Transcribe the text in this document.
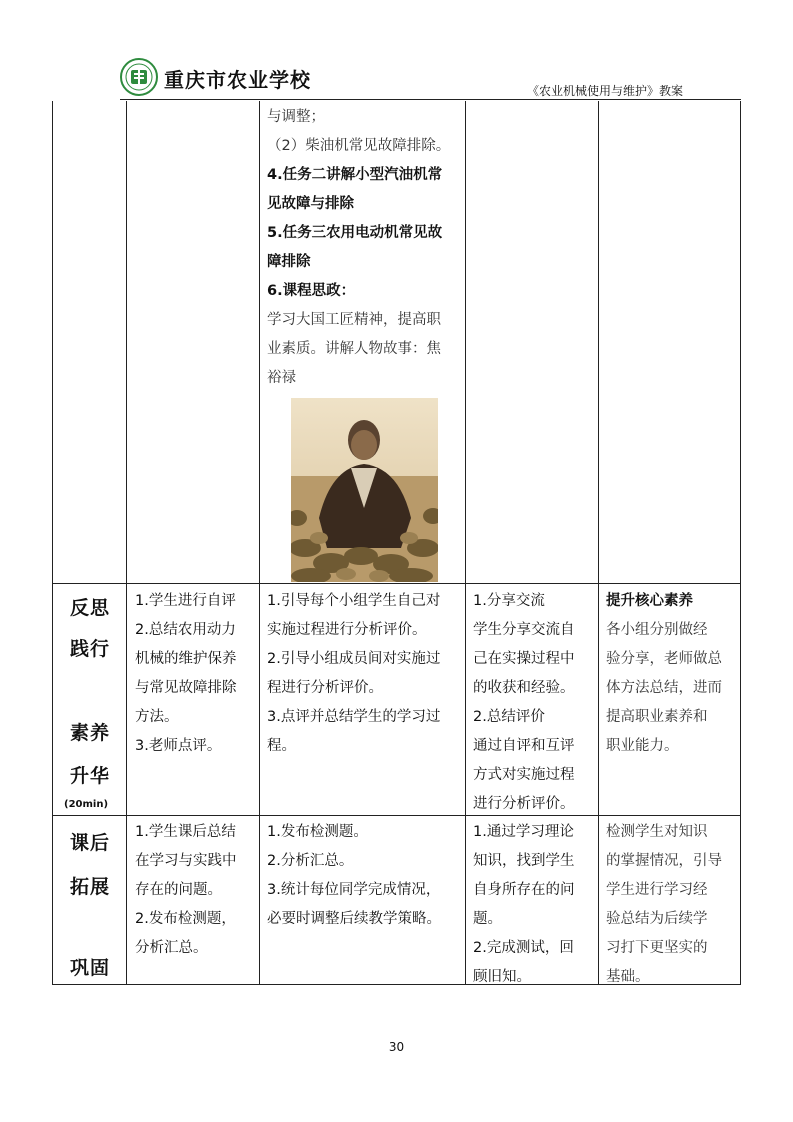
重庆市农业学校	《农业机械使用与维护》教案
与调整；
（2）柴油机常见故障排除。
4.任务二讲解小型汽油机常
见故障与排除
5.任务三农用电动机常见故
障排除
6.课程思政：
学习大国工匠精神，提高职
业素质。讲解人物故事：焦
裕禄
反思
践行
素养
升华
(20min)
1.学生进行自评
2.总结农用动力
机械的维护保养
与常见故障排除
方法。
3.老师点评。
1.引导每个小组学生自己对
实施过程进行分析评价。
2.引导小组成员间对实施过
程进行分析评价。
3.点评并总结学生的学习过
程。
1.分享交流
学生分享交流自
己在实操过程中
的收获和经验。
2.总结评价
通过自评和互评
方式对实施过程
进行分析评价。
提升核心素养
各小组分别做经
验分享，老师做总
体方法总结，进而
提高职业素养和
职业能力。
课后
拓展
巩固
1.学生课后总结
在学习与实践中
存在的问题。
2.发布检测题，
分析汇总。
1.发布检测题。
2.分析汇总。
3.统计每位同学完成情况，
必要时调整后续教学策略。
1.通过学习理论
知识，找到学生
自身所存在的问
题。
2.完成测试，回
顾旧知。
检测学生对知识
的掌握情况，引导
学生进行学习经
验总结为后续学
习打下更坚实的
基础。
30
